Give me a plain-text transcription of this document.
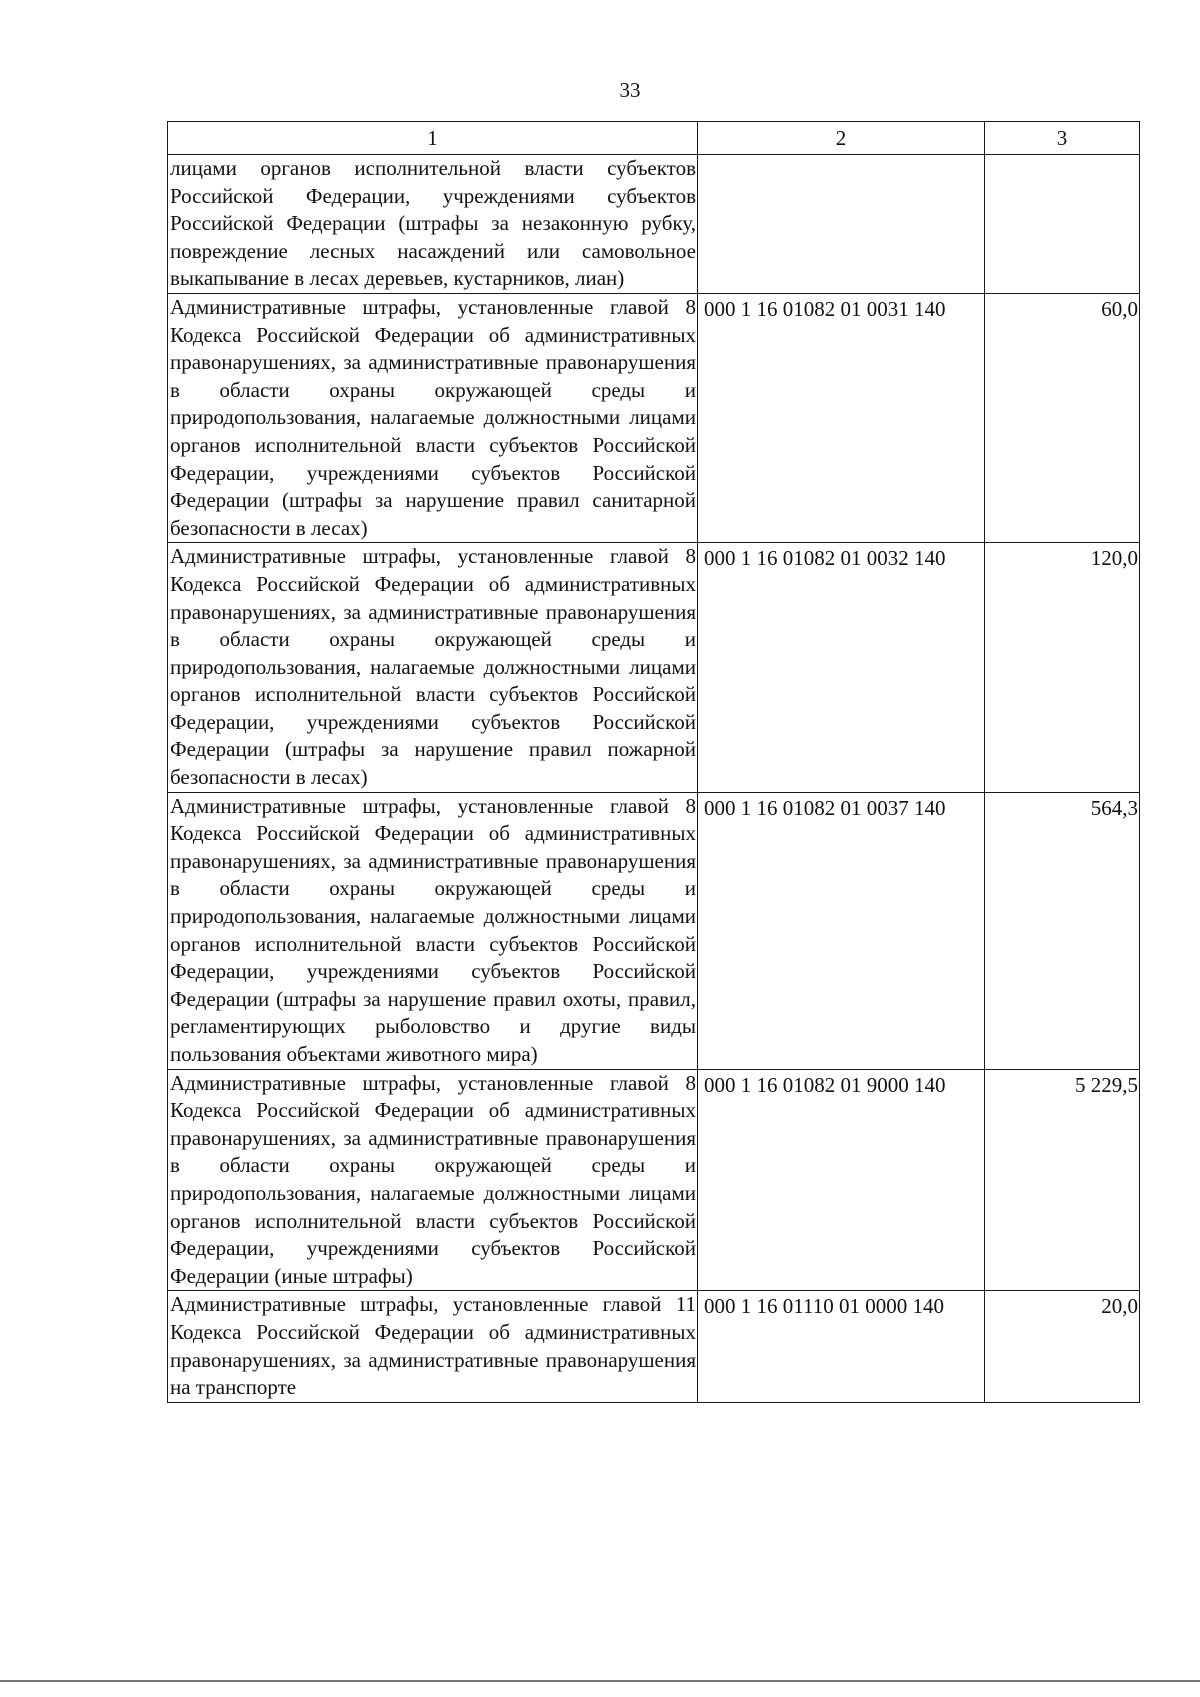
33
1	2	3

лицами органов исполнительной власти субъектов Российской Федерации, учреждениями субъектов Российской Федерации (штрафы за незаконную рубку, повреждение лесных насаждений или самовольное выкапывание в лесах деревьев, кустарников, лиан)		

Административные штрафы, установленные главой 8 Кодекса Российской Федерации об административных правонарушениях, за административные правонарушения в области охраны окружающей среды и природопользования, налагаемые должностными лицами органов исполнительной власти субъектов Российской Федерации, учреждениями субъектов Российской Федерации (штрафы за нарушение правил санитарной безопасности в лесах)	000 1 16 01082 01 0031 140	60,0

Административные штрафы, установленные главой 8 Кодекса Российской Федерации об административных правонарушениях, за административные правонарушения в области охраны окружающей среды и природопользования, налагаемые должностными лицами органов исполнительной власти субъектов Российской Федерации, учреждениями субъектов Российской Федерации (штрафы за нарушение правил пожарной безопасности в лесах)	000 1 16 01082 01 0032 140	120,0

Административные штрафы, установленные главой 8 Кодекса Российской Федерации об административных правонарушениях, за административные правонарушения в области охраны окружающей среды и природопользования, налагаемые должностными лицами органов исполнительной власти субъектов Российской Федерации, учреждениями субъектов Российской Федерации (штрафы за нарушение правил охоты, правил, регламентирующих рыболовство и другие виды пользования объектами животного мира)	000 1 16 01082 01 0037 140	564,3

Административные штрафы, установленные главой 8 Кодекса Российской Федерации об административных правонарушениях, за административные правонарушения в области охраны окружающей среды и природопользования, налагаемые должностными лицами органов исполнительной власти субъектов Российской Федерации, учреждениями субъектов Российской Федерации (иные штрафы)	000 1 16 01082 01 9000 140	5 229,5

Административные штрафы, установленные главой 11 Кодекса Российской Федерации об административных правонарушениях, за административные правонарушения на транспорте	000 1 16 01110 01 0000 140	20,0
